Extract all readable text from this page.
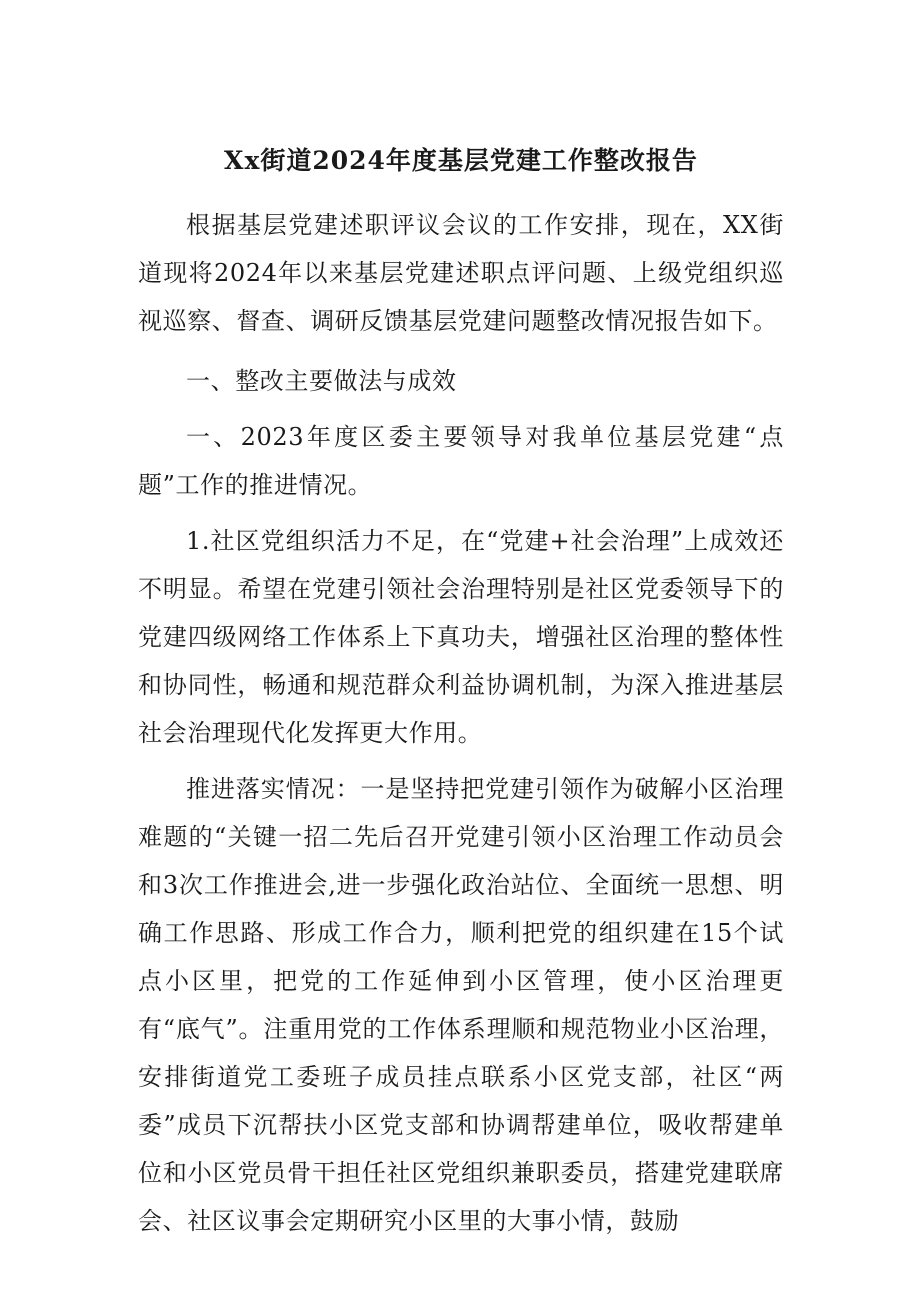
Xx街道2024年度基层党建工作整改报告

根据基层党建述职评议会议的工作安排，现在，XX街道现将2024年以来基层党建述职点评问题、上级党组织巡视巡察、督查、调研反馈基层党建问题整改情况报告如下。

一、整改主要做法与成效

一、2023年度区委主要领导对我单位基层党建“点题”工作的推进情况。

1.社区党组织活力不足，在“党建+社会治理”上成效还不明显。希望在党建引领社会治理特别是社区党委领导下的党建四级网络工作体系上下真功夫，增强社区治理的整体性和协同性，畅通和规范群众利益协调机制，为深入推进基层社会治理现代化发挥更大作用。

推进落实情况：一是坚持把党建引领作为破解小区治理难题的“关键一招二先后召开党建引领小区治理工作动员会和3次工作推进会,进一步强化政治站位、全面统一思想、明确工作思路、形成工作合力，顺利把党的组织建在15个试点小区里，把党的工作延伸到小区管理，使小区治理更有“底气”。注重用党的工作体系理顺和规范物业小区治理，安排街道党工委班子成员挂点联系小区党支部，社区“两委”成员下沉帮扶小区党支部和协调帮建单位，吸收帮建单位和小区党员骨干担任社区党组织兼职委员，搭建党建联席会、社区议事会定期研究小区里的大事小情，鼓励
